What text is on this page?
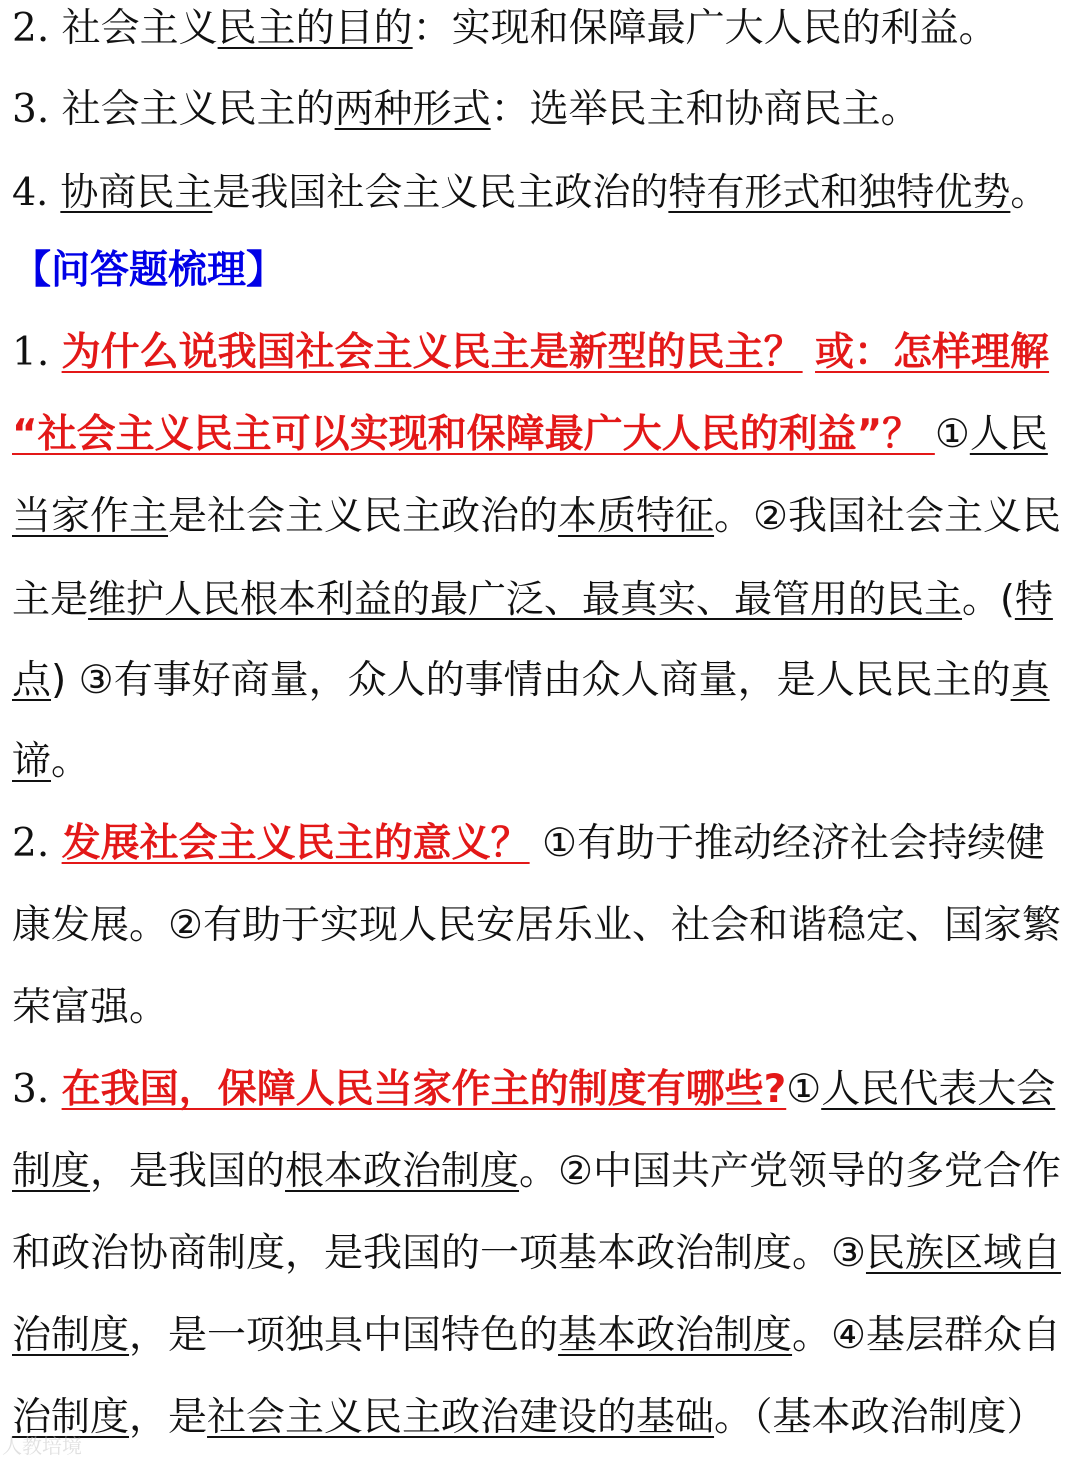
2. 社会主义民主的目的：实现和保障最广大人民的利益。
3. 社会主义民主的两种形式：选举民主和协商民主。
4. 协商民主是我国社会主义民主政治的特有形式和独特优势。
【问答题梳理】
1. 为什么说我国社会主义民主是新型的民主？ 或：怎样理解
“社会主义民主可以实现和保障最广大人民的利益”？ ①人民
当家作主是社会主义民主政治的本质特征。②我国社会主义民
主是维护人民根本利益的最广泛、最真实、最管用的民主。(特
点) ③有事好商量，众人的事情由众人商量，是人民民主的真
谛。
2. 发展社会主义民主的意义？ ①有助于推动经济社会持续健
康发展。②有助于实现人民安居乐业、社会和谐稳定、国家繁
荣富强。
3. 在我国，保障人民当家作主的制度有哪些?①人民代表大会
制度，是我国的根本政治制度。②中国共产党领导的多党合作
和政治协商制度，是我国的一项基本政治制度。③民族区域自
治制度，是一项独具中国特色的基本政治制度。④基层群众自
治制度，是社会主义民主政治建设的基础。（基本政治制度）
人教培境
